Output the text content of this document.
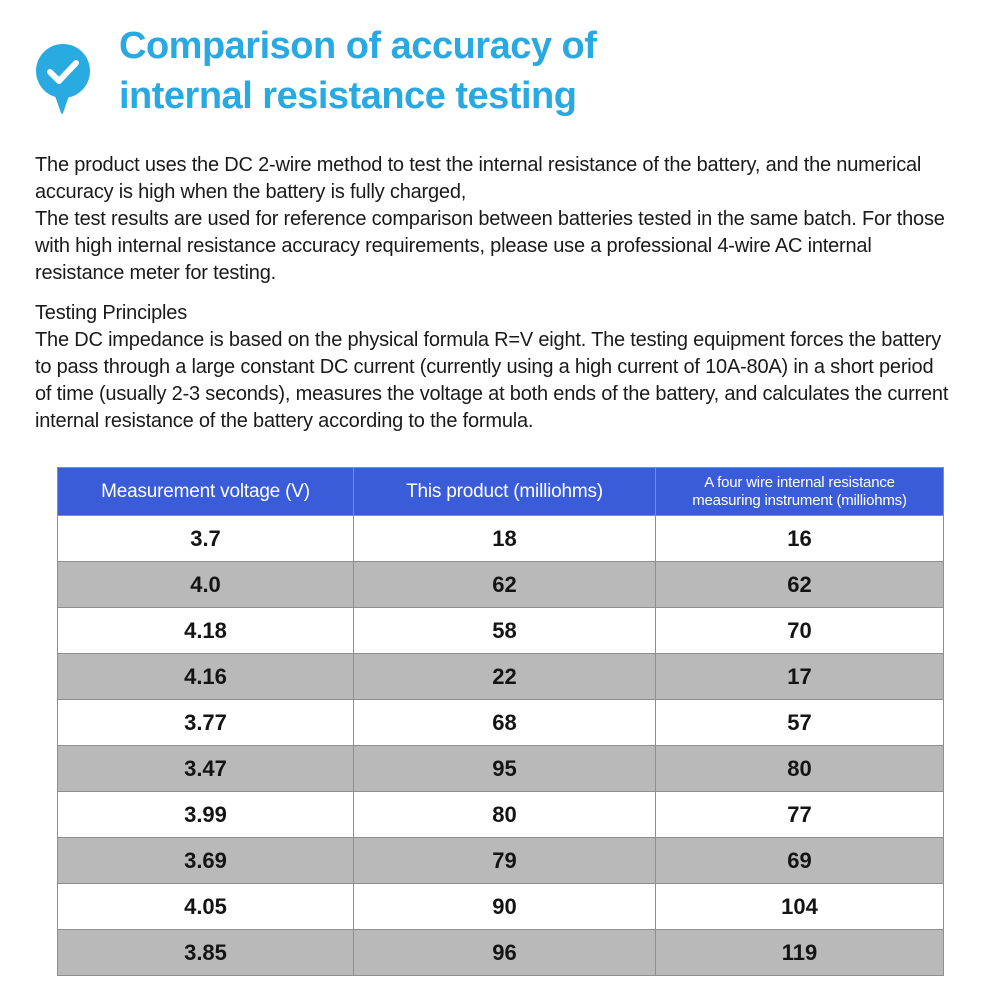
Comparison of accuracy of
internal resistance testing

The product uses the DC 2-wire method to test the internal resistance of the battery, and the numerical accuracy is high when the battery is fully charged,

The test results are used for reference comparison between batteries tested in the same batch. For those with high internal resistance accuracy requirements, please use a professional 4-wire AC internal resistance meter for testing.

Testing Principles

The DC impedance is based on the physical formula R=V eight. The testing equipment forces the battery to pass through a large constant DC current (currently using a high current of 10A-80A) in a short period of time (usually 2-3 seconds), measures the voltage at both ends of the battery, and calculates the current internal resistance of the battery according to the formula.

Measurement voltage (V)	This product (milliohms)	A four wire internal resistance
measuring instrument (milliohms)
3.7	18	16
4.0	62	62
4.18	58	70
4.16	22	17
3.77	68	57
3.47	95	80
3.99	80	77
3.69	79	69
4.05	90	104
3.85	96	119
